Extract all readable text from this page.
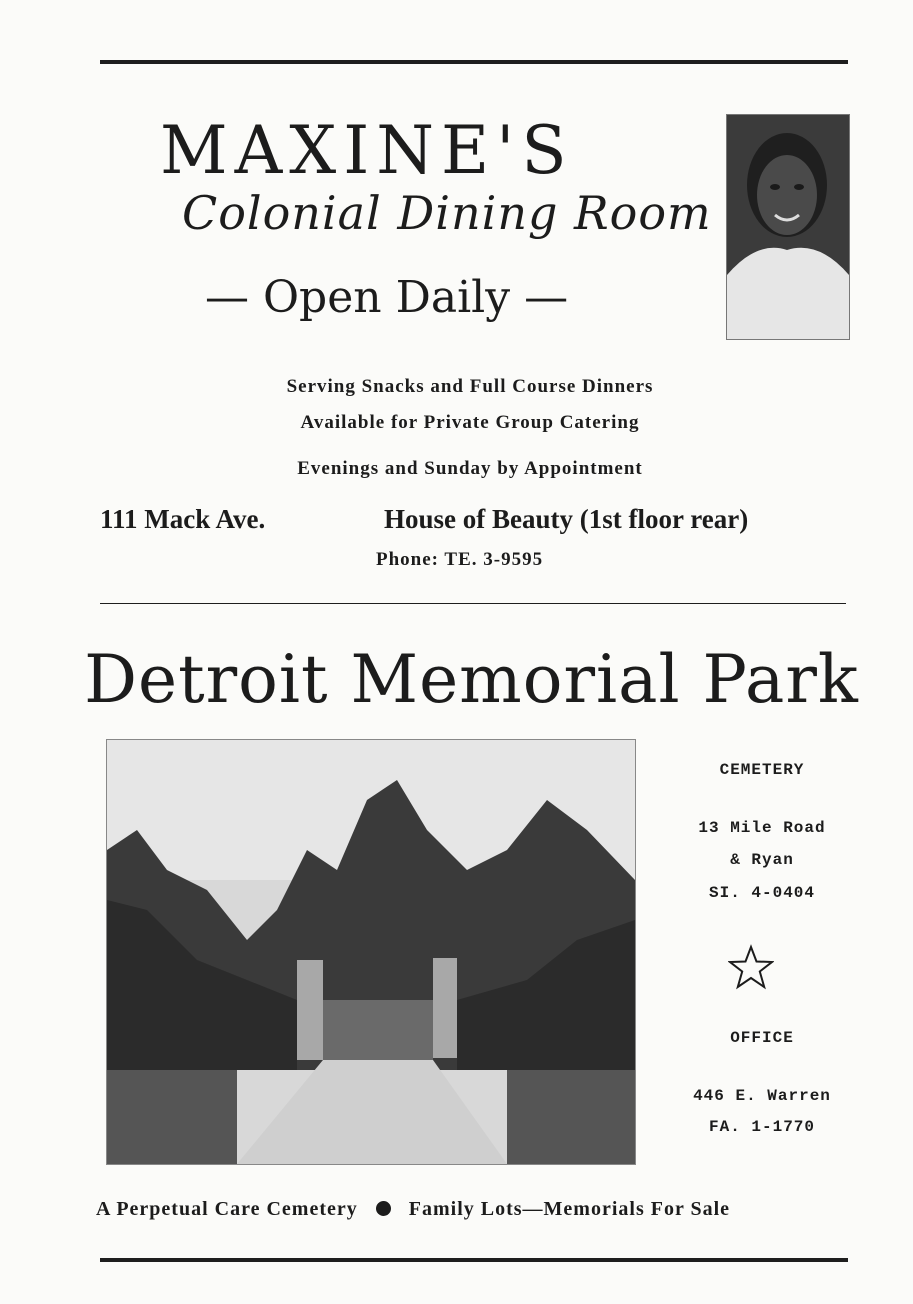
MAXINE'S
Colonial Dining Room
— Open Daily —
Serving Snacks and Full Course Dinners
Available for Private Group Catering
Evenings and Sunday by Appointment
111 Mack Ave.	House of Beauty (1st floor rear)
Phone: TE. 3-9595
Detroit Memorial Park
CEMETERY
13 Mile Road
& Ryan
SI. 4-0404
OFFICE
446 E. Warren
FA. 1-1770
A Perpetual Care Cemetery	Family Lots—Memorials For Sale
